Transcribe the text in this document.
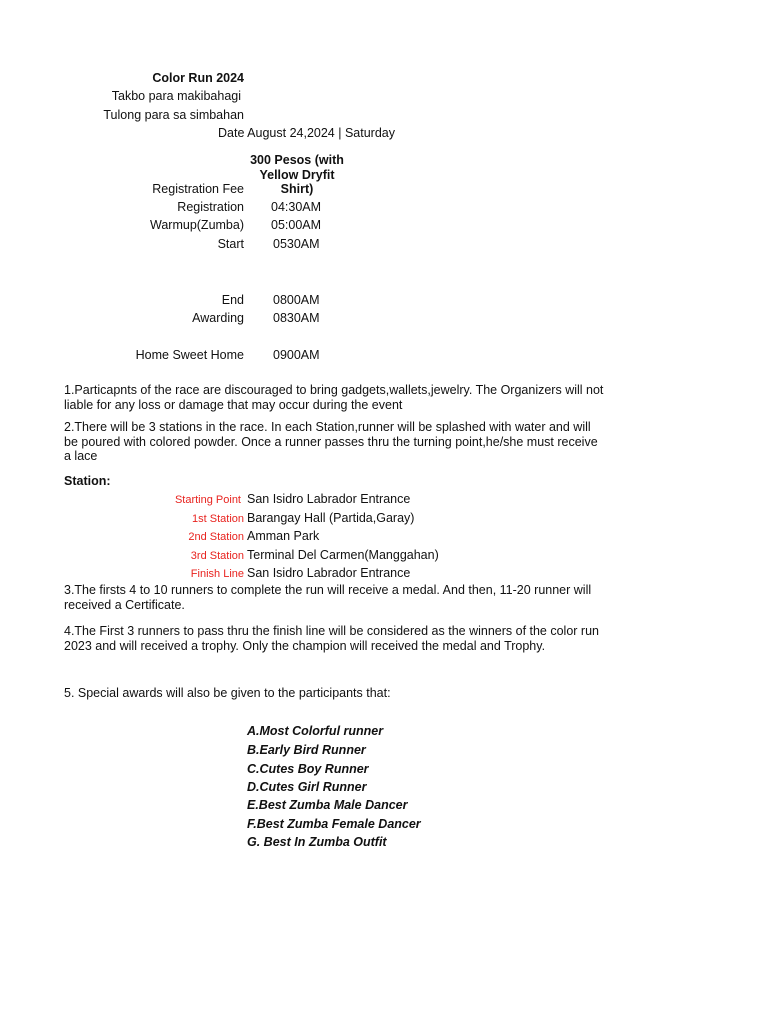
Color Run 2024
Takbo para makibahagi
Tulong para sa simbahan
Date August 24,2024 | Saturday
300 Pesos (with
Yellow Dryfit
Shirt)
Registration Fee
Registration 04:30AM
Warmup(Zumba) 05:00AM
Start 0530AM
End 0800AM
Awarding 0830AM
Home Sweet Home 0900AM
1.Particapnts of the race are discouraged to bring gadgets,wallets,jewelry. The Organizers will not liable for any loss or damage that may occur during the event
2.There will be 3 stations in the race. In each Station,runner will be splashed with water and will be poured with colored powder. Once a runner passes thru the turning point,he/she must receive a lace
Station:
Starting Point San Isidro Labrador Entrance
1st Station Barangay Hall (Partida,Garay)
2nd Station Amman Park
3rd Station Terminal Del Carmen(Manggahan)
Finish Line San Isidro Labrador Entrance
3.The firsts 4 to 10 runners to complete the run will receive a medal. And then, 11-20 runner will received a Certificate.
4.The First 3 runners to pass thru the finish line will be considered as the winners of the color run 2023 and will received a trophy. Only the champion will received the medal and Trophy.
5. Special awards will also be given to the participants that:
A.Most Colorful runner
B.Early Bird Runner
C.Cutes Boy Runner
D.Cutes Girl Runner
E.Best Zumba Male Dancer
F.Best Zumba Female Dancer
G. Best In Zumba Outfit
